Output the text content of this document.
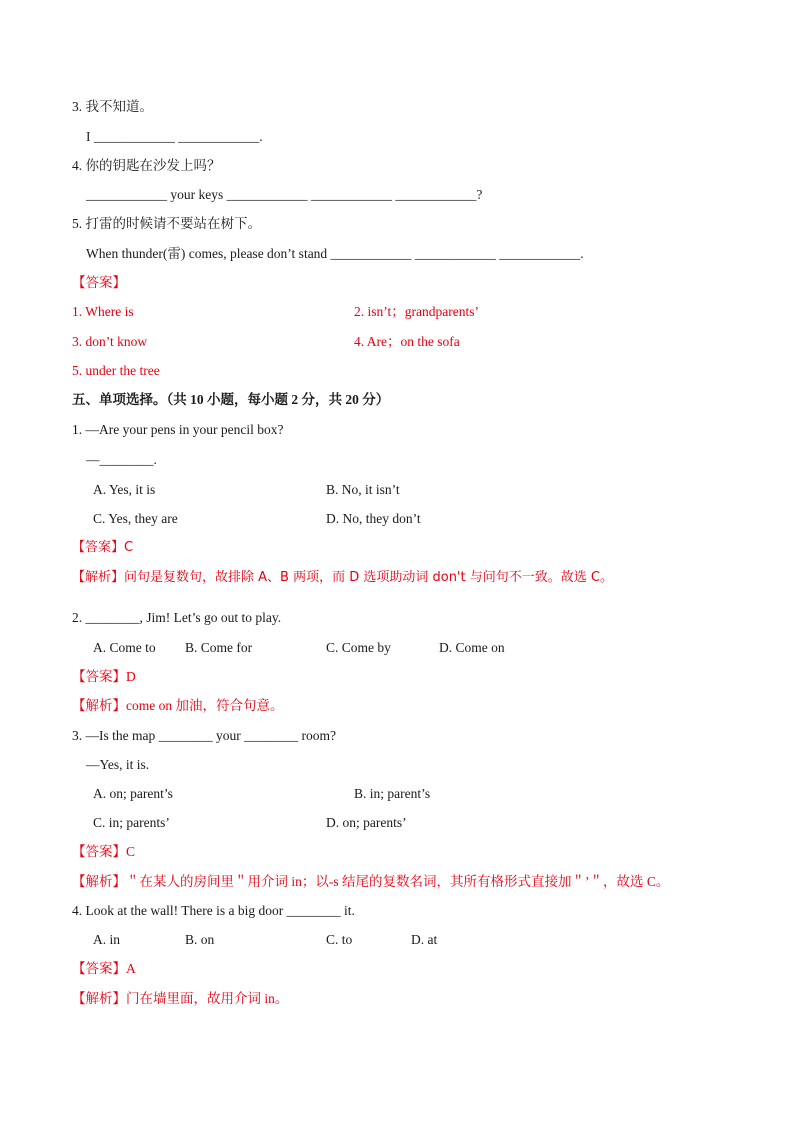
3. 我不知道。
I ____________ ____________.
4. 你的钥匙在沙发上吗？
____________ your keys ____________ ____________ ____________?
5. 打雷的时候请不要站在树下。
When thunder(雷) comes, please don’t stand ____________ ____________ ____________.
【答案】
1. Where is	2. isn’t；grandparents’
3. don’t know	4. Are；on the sofa
5. under the tree
五、单项选择。（共 10 小题，每小题 2 分，共 20 分）
1. —Are your pens in your pencil box?
—________.
A. Yes, it is	B. No, it isn’t
C. Yes, they are	D. No, they don’t
【答案】C
【解析】问句是复数句，故排除 A、B 两项，而 D 选项助动词 don't 与问句不一致。故选 C。
2. ________, Jim! Let’s go out to play.
A. Come to B. Come for	C. Come by	D. Come on
【答案】D
【解析】come on 加油，符合句意。
3. —Is the map ________ your ________ room?
—Yes, it is.
A. on; parent’s	B. in; parent’s
C. in; parents’	D. on; parents’
【答案】C
【解析】＂在某人的房间里＂用介词 in；以-s 结尾的复数名词，其所有格形式直接加＂’＂，故选 C。
4. Look at the wall! There is a big door ________ it.
A. in	B. on	C. to	D. at
【答案】A
【解析】门在墙里面，故用介词 in。
